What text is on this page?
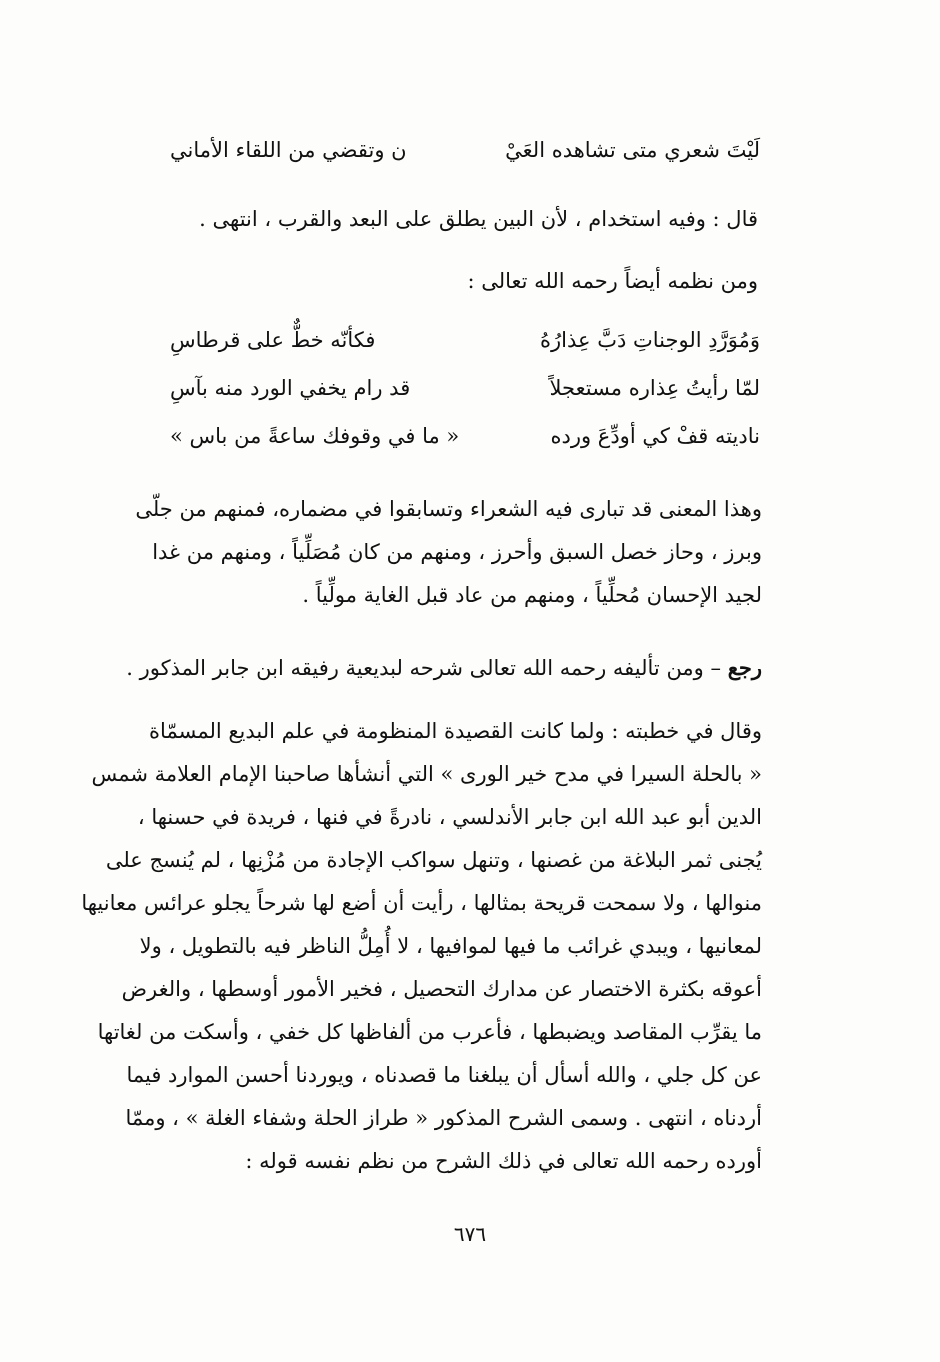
لَيْتَ شعري متى تشاهده العَيْ
ن وتقضي من اللقاء الأماني
قال : وفيه استخدام ، لأن البين يطلق على البعد والقرب ، انتهى .
ومن نظمه أيضاً رحمه الله تعالى :
وَمُوَرَّدِ الوجناتِ دَبَّ عِذارُهُ
فكأنّه خطٌّ على قرطاسِ
لمّا رأيتُ عِذاره مستعجلاً
قد رام يخفي الورد منه بآسِ
ناديته قفْ كي أودِّعَ ورده
« ما في وقوفك ساعةً من باس »
وهذا المعنى قد تبارى فيه الشعراء وتسابقوا في مضماره، فمنهم من جلّى
وبرز ، وحاز خصل السبق وأحرز ، ومنهم من كان مُصَلِّياً ، ومنهم من غدا
لجيد الإحسان مُحلِّياً ، ومنهم من عاد قبل الغاية مولِّياً .
رجع – ومن تأليفه رحمه الله تعالى شرحه لبديعية رفيقه ابن جابر المذكور .
وقال في خطبته : ولما كانت القصيدة المنظومة في علم البديع المسمّاة
« بالحلة السيرا في مدح خير الورى » التي أنشأها صاحبنا الإمام العلامة شمس
الدين أبو عبد الله ابن جابر الأندلسي ، نادرةً في فنها ، فريدة في حسنها ،
يُجنى ثمر البلاغة من غصنها ، وتنهل سواكب الإجادة من مُزْنِها ، لم يُنسج على
منوالها ، ولا سمحت قريحة بمثالها ، رأيت أن أضع لها شرحاً يجلو عرائس معانيها
لمعانيها ، ويبدي غرائب ما فيها لموافيها ، لا أُمِلُّ الناظر فيه بالتطويل ، ولا
أعوقه بكثرة الاختصار عن مدارك التحصيل ، فخير الأمور أوسطها ، والغرض
ما يقرِّب المقاصد ويضبطها ، فأعرب من ألفاظها كل خفي ، وأسكت من لغاتها
عن كل جلي ، والله أسأل أن يبلغنا ما قصدناه ، ويوردنا أحسن الموارد فيما
أردناه ، انتهى . وسمى الشرح المذكور « طراز الحلة وشفاء الغلة » ، وممّا
أورده رحمه الله تعالى في ذلك الشرح من نظم نفسه قوله :
٦٧٦
